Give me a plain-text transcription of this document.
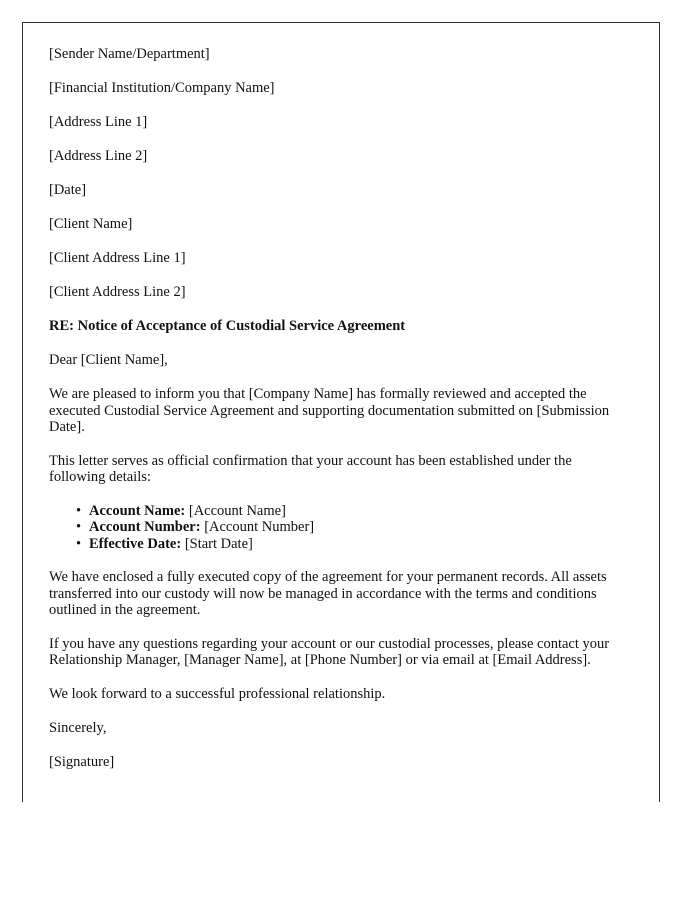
[Sender Name/Department]

[Financial Institution/Company Name]

[Address Line 1]

[Address Line 2]

[Date]

[Client Name]

[Client Address Line 1]

[Client Address Line 2]

RE: Notice of Acceptance of Custodial Service Agreement

Dear [Client Name],

We are pleased to inform you that [Company Name] has formally reviewed and accepted the executed Custodial Service Agreement and supporting documentation submitted on [Submission Date].

This letter serves as official confirmation that your account has been established under the following details:

• Account Name: [Account Name]
• Account Number: [Account Number]
• Effective Date: [Start Date]

We have enclosed a fully executed copy of the agreement for your permanent records. All assets transferred into our custody will now be managed in accordance with the terms and conditions outlined in the agreement.

If you have any questions regarding your account or our custodial processes, please contact your Relationship Manager, [Manager Name], at [Phone Number] or via email at [Email Address].

We look forward to a successful professional relationship.

Sincerely,

[Signature]
